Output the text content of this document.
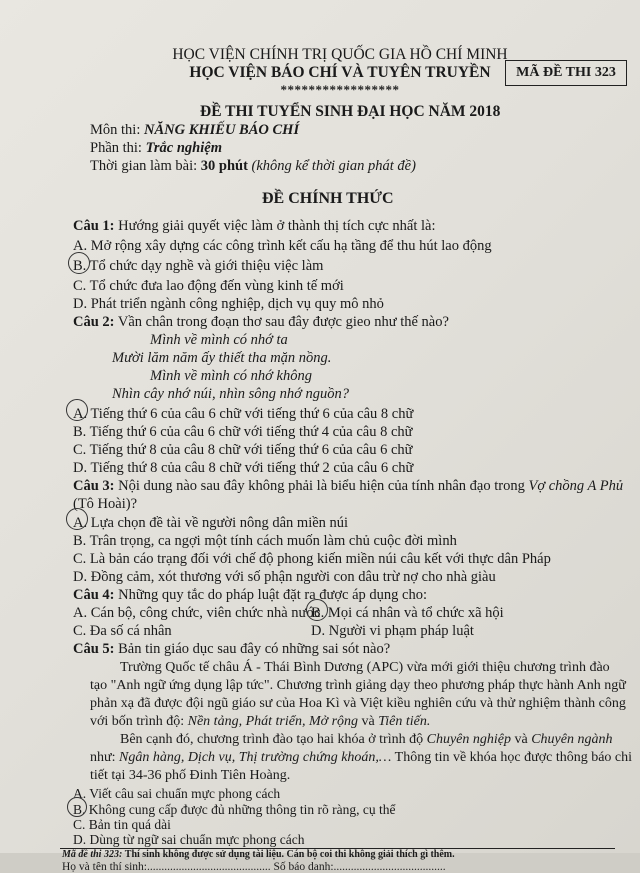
HỌC VIỆN CHÍNH TRỊ QUỐC GIA HỒ CHÍ MINH
HỌC VIỆN BÁO CHÍ VÀ TUYÊN TRUYỀN
*****************
MÃ ĐỀ THI 323
ĐỀ THI TUYỂN SINH ĐẠI HỌC NĂM 2018
Môn thi: NĂNG KHIẾU BÁO CHÍ
Phần thi: Trắc nghiệm
Thời gian làm bài: 30 phút (không kể thời gian phát đề)
ĐỀ CHÍNH THỨC
Câu 1: Hướng giải quyết việc làm ở thành thị tích cực nhất là:
A. Mở rộng xây dựng các công trình kết cấu hạ tầng để thu hút lao động
B. Tổ chức dạy nghề và giới thiệu việc làm
C. Tổ chức đưa lao động đến vùng kinh tế mới
D. Phát triển ngành công nghiệp, dịch vụ quy mô nhỏ
Câu 2: Vần chân trong đoạn thơ sau đây được gieo như thế nào?
Mình về mình có nhớ ta
Mười lăm năm ấy thiết tha mặn nồng.
Mình về mình có nhớ không
Nhìn cây nhớ núi, nhìn sông nhớ nguồn?
A. Tiếng thứ 6 của câu 6 chữ với tiếng thứ 6 của câu 8 chữ
B. Tiếng thứ 6 của câu 6 chữ với tiếng thứ 4 của câu 8 chữ
C. Tiếng thứ 8 của câu 8 chữ với tiếng thứ 6 của câu 6 chữ
D. Tiếng thứ 8 của câu 8 chữ với tiếng thứ 2 của câu 6 chữ
Câu 3: Nội dung nào sau đây không phải là biểu hiện của tính nhân đạo trong Vợ chồng A Phủ
(Tô Hoài)?
A. Lựa chọn đề tài về người nông dân miền núi
B. Trân trọng, ca ngợi một tính cách muốn làm chủ cuộc đời mình
C. Là bản cáo trạng đối với chế độ phong kiến miền núi câu kết với thực dân Pháp
D. Đồng cảm, xót thương với số phận người con dâu trừ nợ cho nhà giàu
Câu 4: Những quy tắc do pháp luật đặt ra được áp dụng cho:
A. Cán bộ, công chức, viên chức nhà nước
B. Mọi cá nhân và tổ chức xã hội
C. Đa số cá nhân	D. Người vi phạm pháp luật
Câu 5: Bản tin giáo dục sau đây có những sai sót nào?
Trường Quốc tế châu Á - Thái Bình Dương (APC) vừa mới giới thiệu chương trình đào
tạo "Anh ngữ ứng dụng lập tức". Chương trình giảng dạy theo phương pháp thực hành Anh ngữ
phản xạ đã được đội ngũ giáo sư của Hoa Kì và Việt kiều nghiên cứu và thử nghiệm thành công
với bốn trình độ: Nền tảng, Phát triển, Mở rộng và Tiên tiến.
Bên cạnh đó, chương trình đào tạo hai khóa ở trình độ Chuyên nghiệp và Chuyên ngành
như: Ngân hàng, Dịch vụ, Thị trường chứng khoán,… Thông tin về khóa học được thông báo chi
tiết tại 34-36 phố Đinh Tiên Hoàng.
A. Viết câu sai chuẩn mực phong cách
B. Không cung cấp được đủ những thông tin rõ ràng, cụ thể
C. Bản tin quá dài
D. Dùng từ ngữ sai chuẩn mực phong cách
Mã đề thi 323: Thí sinh không được sử dụng tài liệu. Cán bộ coi thi không giải thích gì thêm.
Họ và tên thí sinh:........................................... Số báo danh:.......................................
